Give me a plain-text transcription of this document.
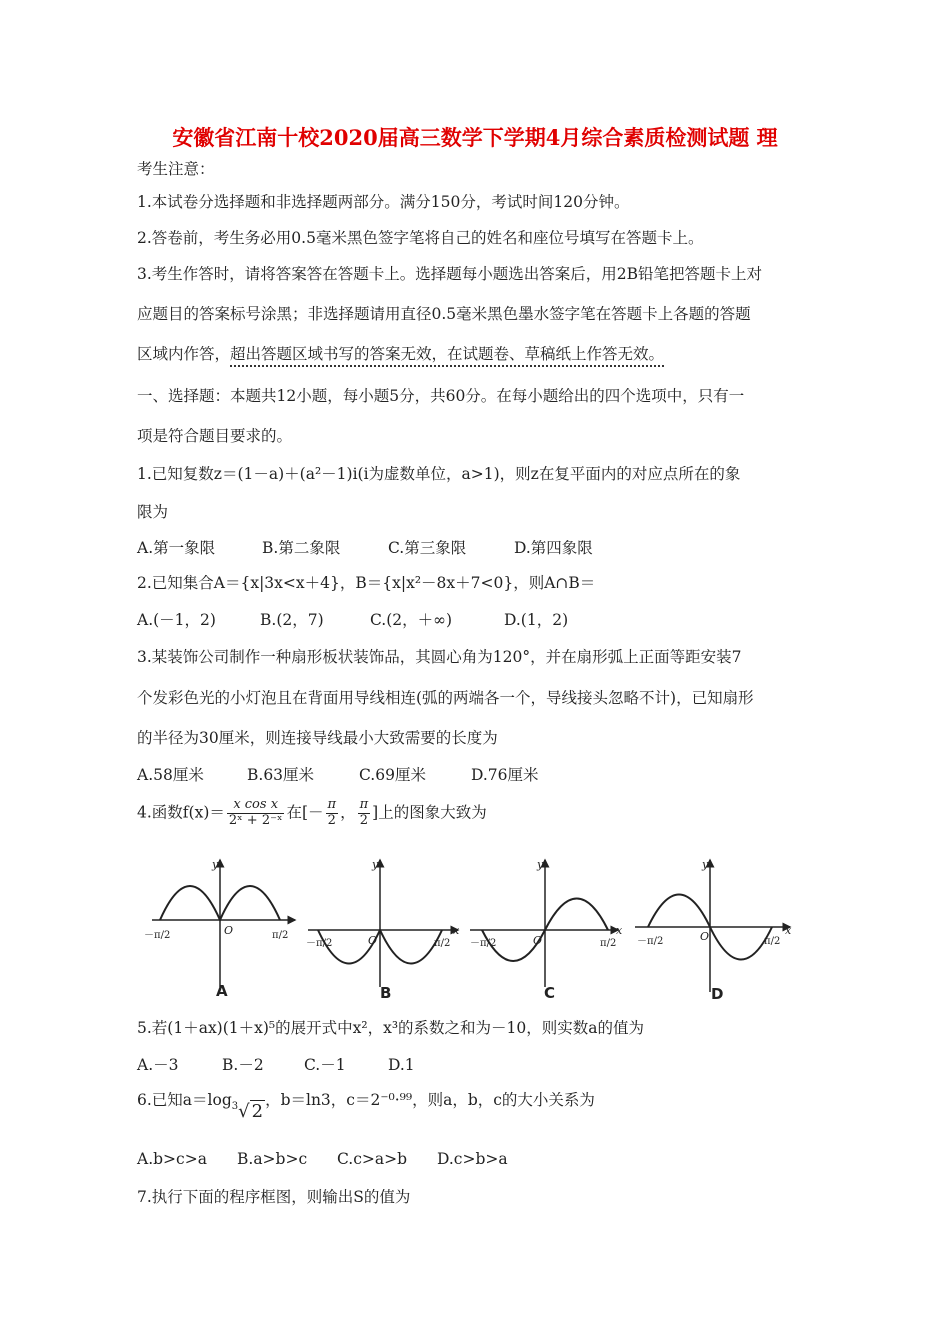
安徽省江南十校2020届高三数学下学期4月综合素质检测试题 理
考生注意：
1.本试卷分选择题和非选择题两部分。满分150分，考试时间120分钟。
2.答卷前，考生务必用0.5毫米黑色签字笔将自己的姓名和座位号填写在答题卡上。
3.考生作答时，请将答案答在答题卡上。选择题每小题选出答案后，用2B铅笔把答题卡上对
应题目的答案标号涂黑；非选择题请用直径0.5毫米黑色墨水签字笔在答题卡上各题的答题
区域内作答，超出答题区域书写的答案无效，在试题卷、草稿纸上作答无效。
一、选择题：本题共12小题，每小题5分，共60分。在每小题给出的四个选项中，只有一
项是符合题目要求的。
1.已知复数z＝(1－a)＋(a²－1)i(i为虚数单位，a>1)，则z在复平面内的对应点所在的象
限为
A.第一象限	B.第二象限	C.第三象限	D.第四象限
2.已知集合A＝{x|3x<x＋4}，B＝{x|x²－8x＋7<0}，则A∩B＝
A.(－1，2)	B.(2，7)	C.(2，＋∞)	D.(1，2)
3.某装饰公司制作一种扇形板状装饰品，其圆心角为120°，并在扇形弧上正面等距安装7
个发彩色光的小灯泡且在背面用导线相连(弧的两端各一个，导线接头忽略不计)，已知扇形
的半径为30厘米，则连接导线最小大致需要的长度为
A.58厘米	B.63厘米	C.69厘米	D.76厘米
4.函数$f(x)= \frac{\text{x cos x}}{\text{2ˣ + 2⁻ˣ}}$ 在[－ $\frac{\pi}{2}$ ， $\frac{\pi}{2}$ ]上的图象大致为
y
O
y
O
x
y
O
x
y
O	x
－π/2	π/2
－π/2	π/2 －π/2	π/2 －π/2	π/2
A	B	C	D
5.若(1＋ax)(1＋x)⁵的展开式中x²，x³的系数之和为－10，则实数a的值为
A.－3	B.－2	C.－1	D.1
6.已知$a=\log_3√$ 2，b＝ln3，c＝2⁻⁰·⁹⁹，则a，b，c的大小关系为
A.b>c>a B.a>b>c C.c>a>b D.c>b>a
7.执行下面的程序框图，则输出S的值为
